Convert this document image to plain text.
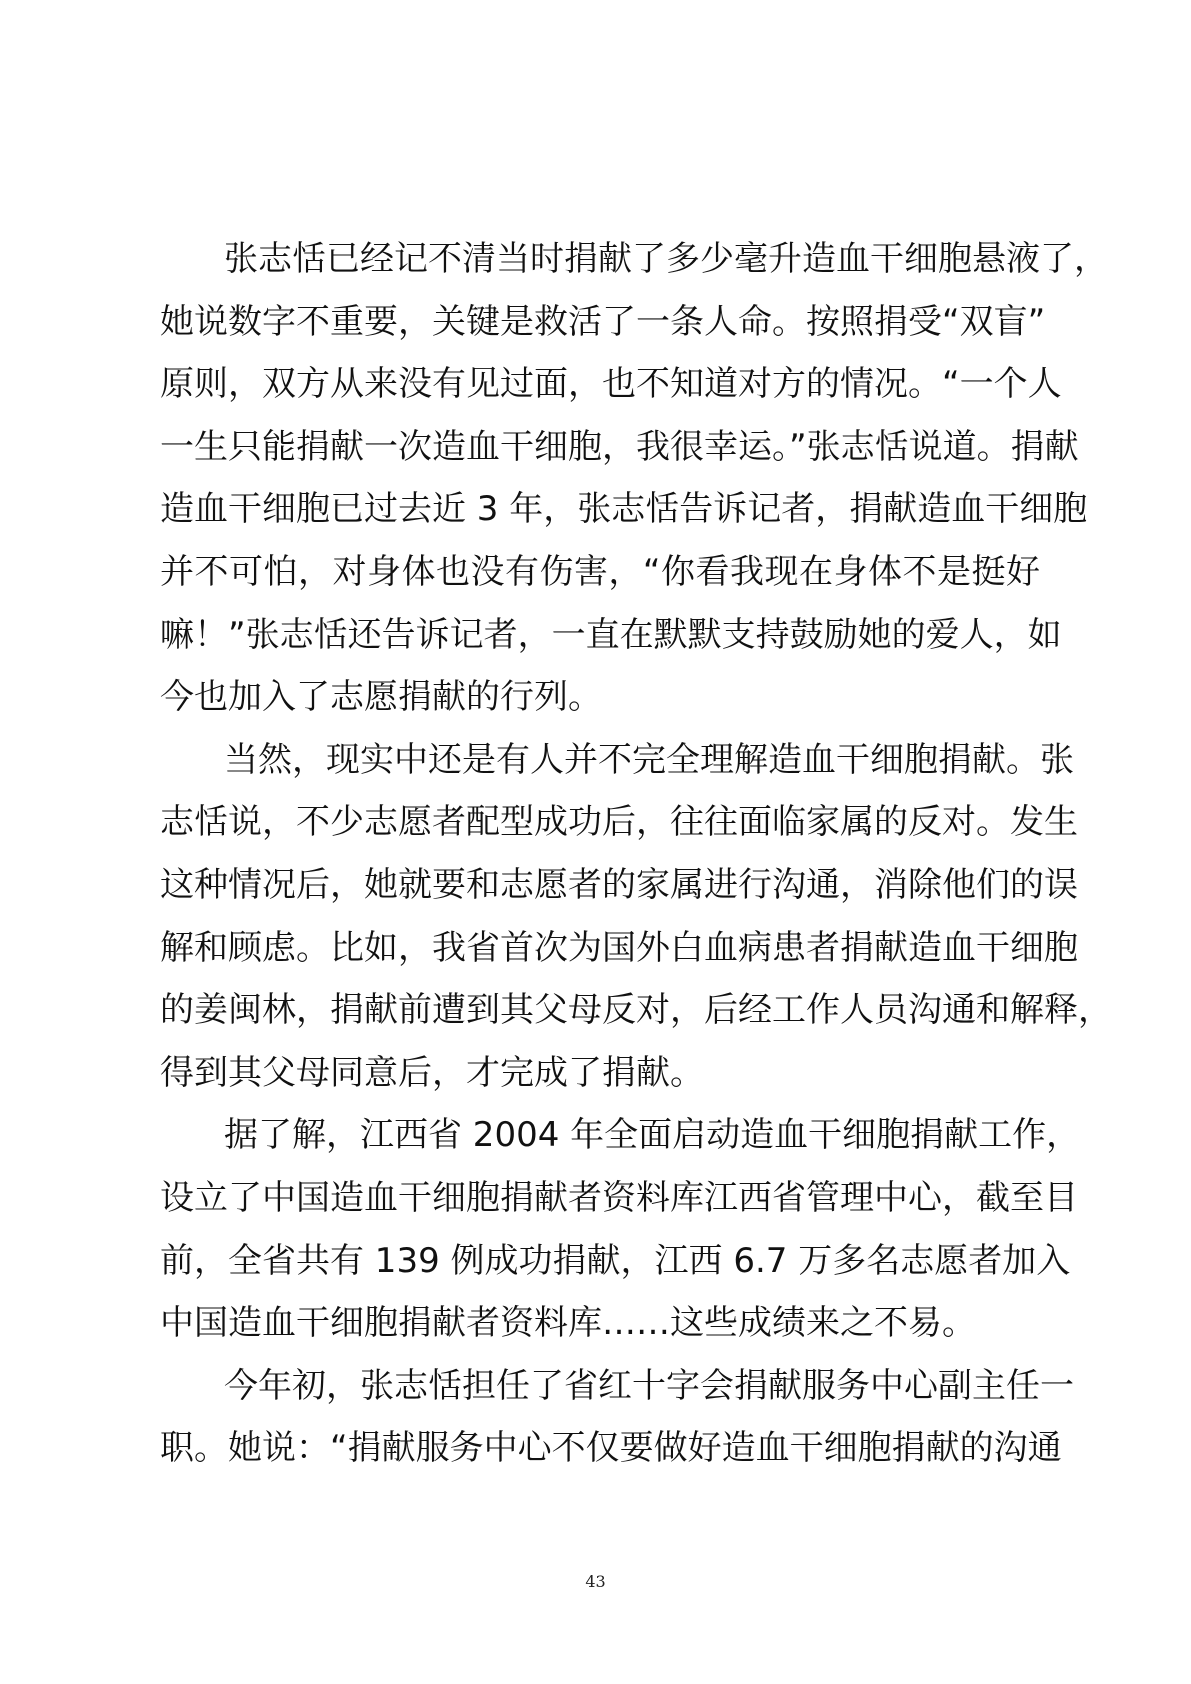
张志恬已经记不清当时捐献了多少毫升造血干细胞悬液了，
她说数字不重要，关键是救活了一条人命。按照捐受“双盲”
原则，双方从来没有见过面，也不知道对方的情况。“一个人
一生只能捐献一次造血干细胞，我很幸运。”张志恬说道。捐献
造血干细胞已过去近 3 年，张志恬告诉记者，捐献造血干细胞
并不可怕，对身体也没有伤害，“你看我现在身体不是挺好
嘛！”张志恬还告诉记者，一直在默默支持鼓励她的爱人，如
今也加入了志愿捐献的行列。
当然，现实中还是有人并不完全理解造血干细胞捐献。张
志恬说，不少志愿者配型成功后，往往面临家属的反对。发生
这种情况后，她就要和志愿者的家属进行沟通，消除他们的误
解和顾虑。比如，我省首次为国外白血病患者捐献造血干细胞
的姜闽林，捐献前遭到其父母反对，后经工作人员沟通和解释，
得到其父母同意后，才完成了捐献。
据了解，江西省 2004 年全面启动造血干细胞捐献工作，
设立了中国造血干细胞捐献者资料库江西省管理中心，截至目
前，全省共有 139 例成功捐献，江西 6.7 万多名志愿者加入
中国造血干细胞捐献者资料库……这些成绩来之不易。
今年初，张志恬担任了省红十字会捐献服务中心副主任一
职。她说：“捐献服务中心不仅要做好造血干细胞捐献的沟通
43
